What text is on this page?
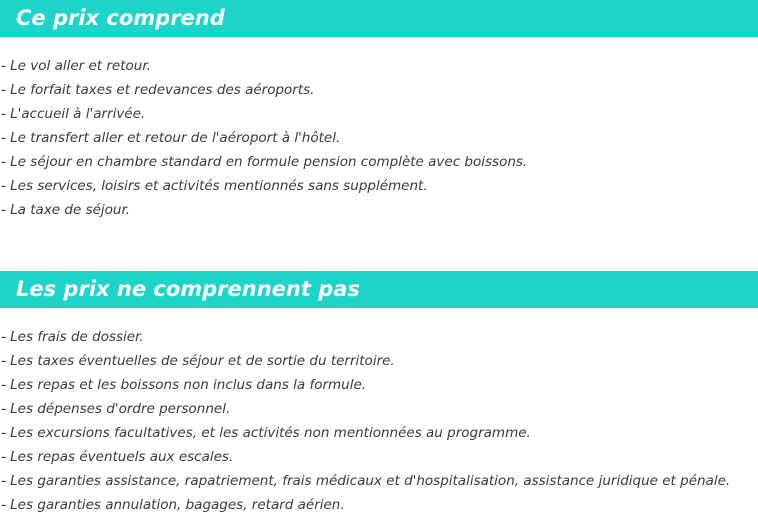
Ce prix comprend
- Le vol aller et retour.
- Le forfait taxes et redevances des aéroports.
- L'accueil à l'arrivée.
- Le transfert aller et retour de l'aéroport à l'hôtel.
- Le séjour en chambre standard en formule pension complète avec boissons.
- Les services, loisirs et activités mentionnés sans supplément.
- La taxe de séjour.
Les prix ne comprennent pas
- Les frais de dossier.
- Les taxes éventuelles de séjour et de sortie du territoire.
- Les repas et les boissons non inclus dans la formule.
- Les dépenses d'ordre personnel.
- Les excursions facultatives, et les activités non mentionnées au programme.
- Les repas éventuels aux escales.
- Les garanties assistance, rapatriement, frais médicaux et d'hospitalisation, assistance juridique et pénale.
- Les garanties annulation, bagages, retard aérien.
